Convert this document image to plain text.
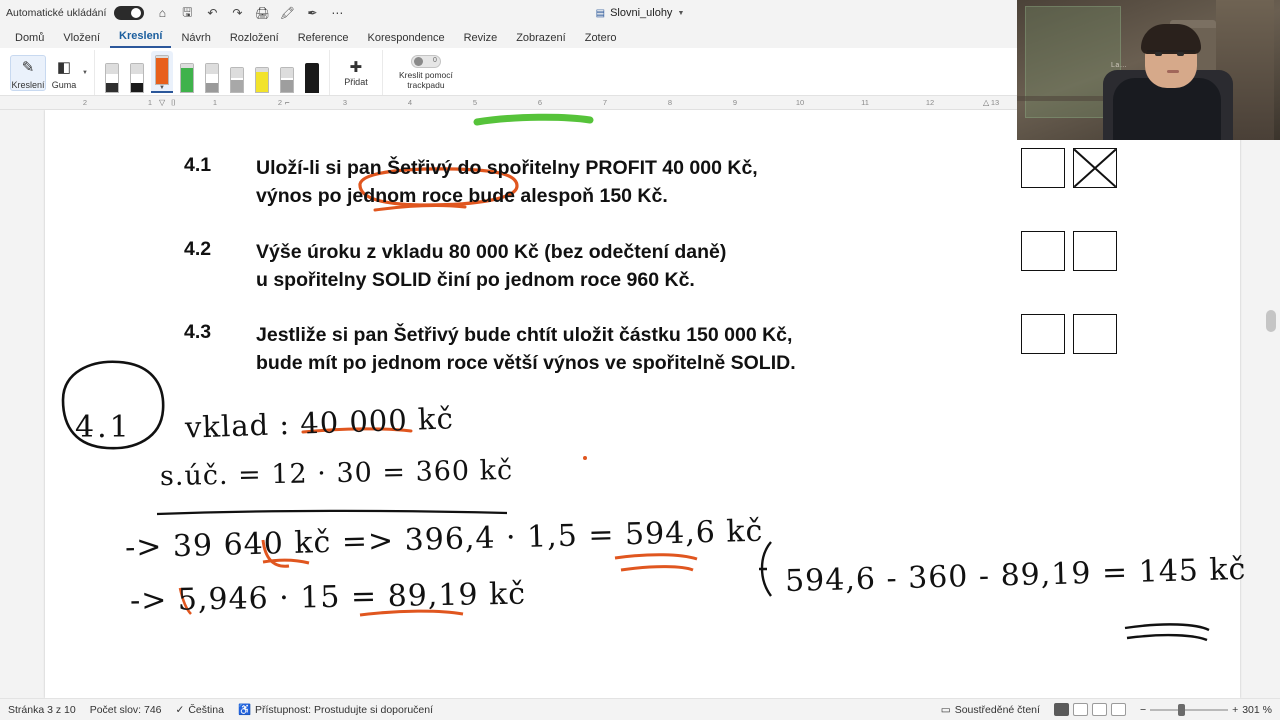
Automatické ukládání	⌂	🖫 ↶ ↷ 🖨 🖍 ✒ ⋯	▤ Slovni_ulohy ▼
Domů	Vložení	Kreslení	Návrh	Rozložení	Reference	Korespondence	Revize	Zobrazení	Zotero
✎
Kreslení
◧
Guma
▼
▼
✚
Přidat
0
Kreslit pomocí trackpadu
2	1	1	2	3	4	5	6	7	8	9	10	11	12	13
▽ ⌷	⌐	△
4.1 Uloží-li si pan Šetřivý do spořitelny PROFIT 40 000 Kč,
výnos po jednom roce bude alespoň 150 Kč.
4.2 Výše úroku z vkladu 80 000 Kč (bez odečtení daně)
u spořitelny SOLID činí po jednom roce 960 Kč.
4.3 Jestliže si pan Šetřivý bude chtít uložit částku 150 000 Kč,
bude mít po jednom roce větší výnos ve spořitelně SOLID.
4.1 vklad : 40 000 kč
s.úč. = 12 · 30 = 360 kč
-> 39 640 kč => 396,4 · 1,5 = 594,6 kč
-> 5,946 · 15 = 89,19 kč	594,6 - 360 - 89,19 = 145 kč
La…
Stránka 3 z 10 Počet slov: 746 ✓ Čeština ♿ Přístupnost: Prostudujte si doporučení	▭ Soustředěné čtení	−	+ 301 %
